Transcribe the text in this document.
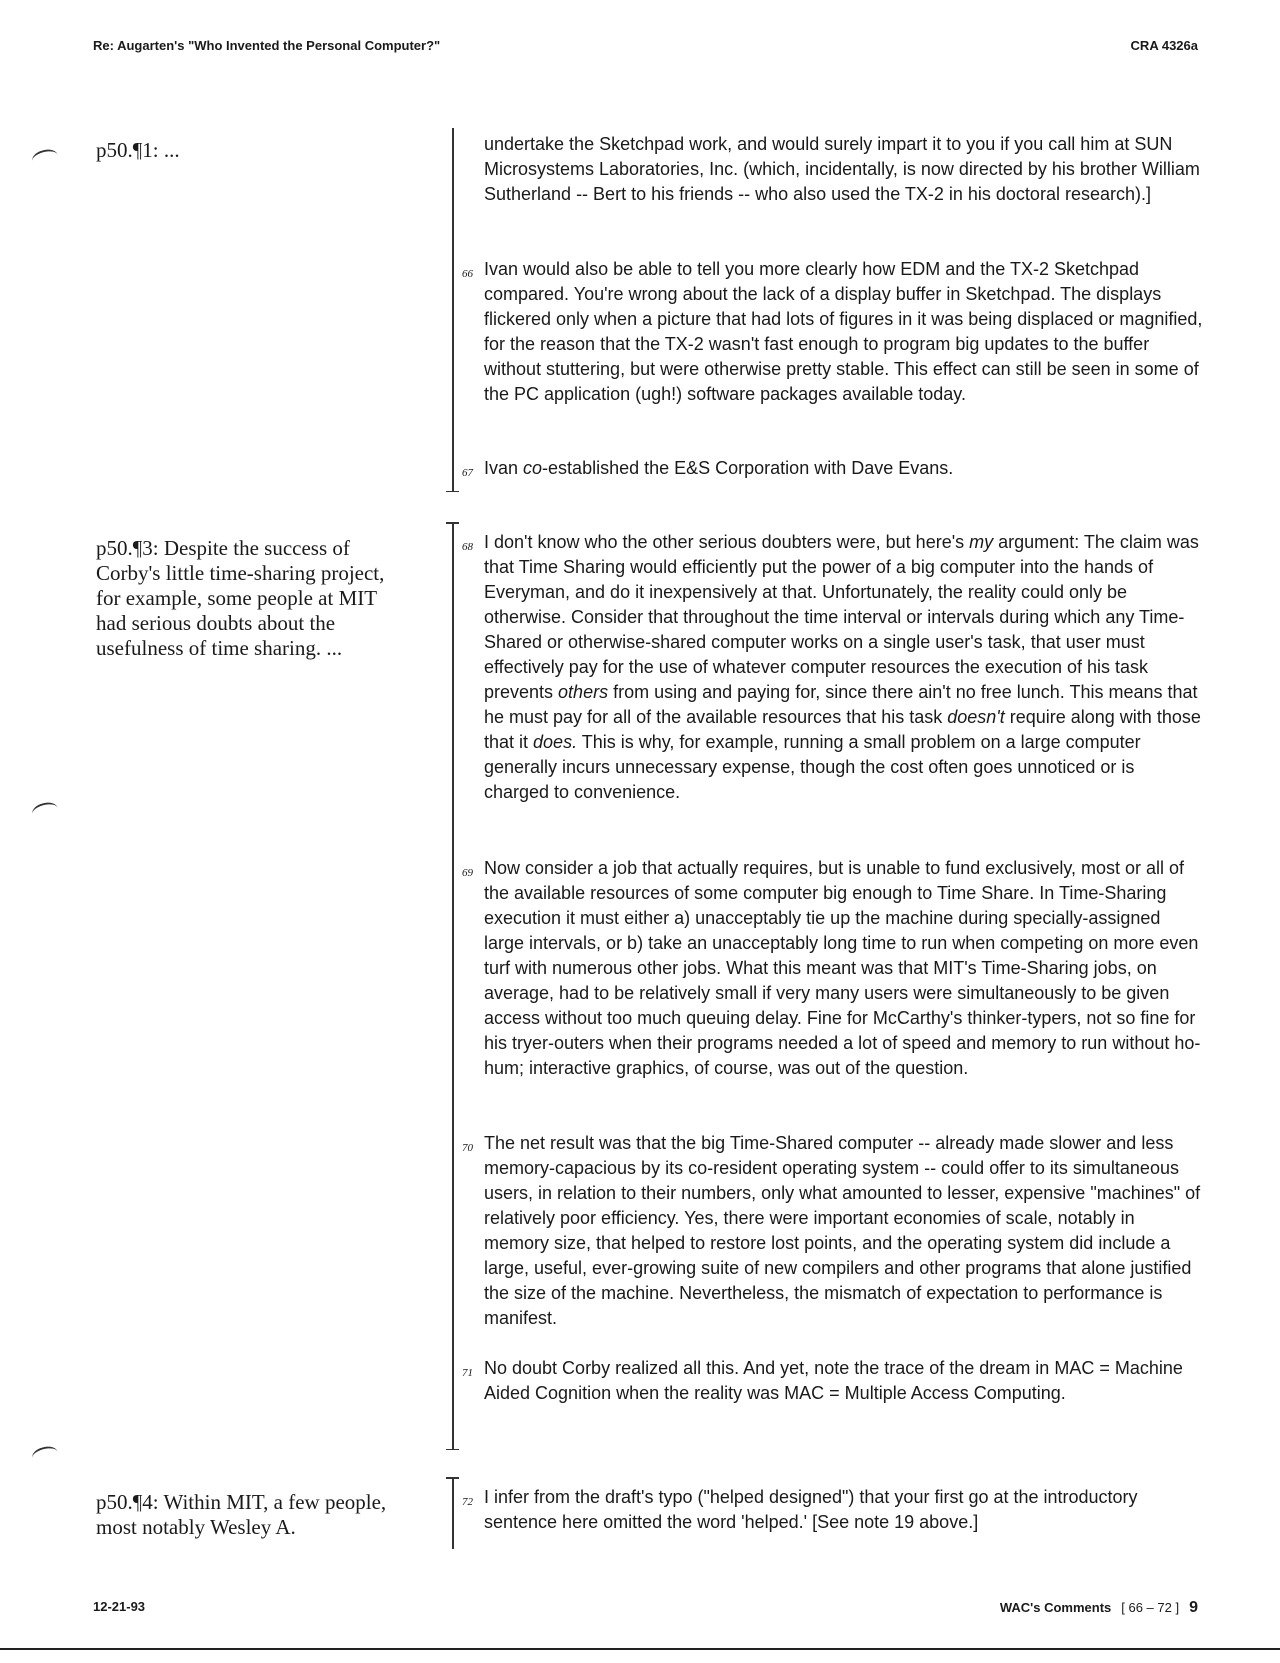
Re: Augarten's "Who Invented the Personal Computer?"	CRA 4326a
p50.¶1: ...
p50.¶3: Despite the success of Corby's little time-sharing project, for example, some people at MIT had serious doubts about the usefulness of time sharing. ...
p50.¶4: Within MIT, a few people, most notably Wesley A.

undertake the Sketchpad work, and would surely impart it to you if you call him at SUN Microsystems Laboratories, Inc. (which, incidentally, is now directed by his brother William Sutherland -- Bert to his friends -- who also used the TX-2 in his doctoral research).]

66 Ivan would also be able to tell you more clearly how EDM and the TX-2 Sketchpad compared. You're wrong about the lack of a display buffer in Sketchpad. The displays flickered only when a picture that had lots of figures in it was being displaced or magnified, for the reason that the TX-2 wasn't fast enough to program big updates to the buffer without stuttering, but were otherwise pretty stable. This effect can still be seen in some of the PC application (ugh!) software packages available today.

67 Ivan co-established the E&S Corporation with Dave Evans.

68 I don't know who the other serious doubters were, but here's my argument: The claim was that Time Sharing would efficiently put the power of a big computer into the hands of Everyman, and do it inexpensively at that. Unfortunately, the reality could only be otherwise. Consider that throughout the time interval or intervals during which any Time-Shared or otherwise-shared computer works on a single user's task, that user must effectively pay for the use of whatever computer resources the execution of his task prevents others from using and paying for, since there ain't no free lunch. This means that he must pay for all of the available resources that his task doesn't require along with those that it does. This is why, for example, running a small problem on a large computer generally incurs unnecessary expense, though the cost often goes unnoticed or is charged to convenience.

69 Now consider a job that actually requires, but is unable to fund exclusively, most or all of the available resources of some computer big enough to Time Share. In Time-Sharing execution it must either a) unacceptably tie up the machine during specially-assigned large intervals, or b) take an unacceptably long time to run when competing on more even turf with numerous other jobs. What this meant was that MIT's Time-Sharing jobs, on average, had to be relatively small if very many users were simultaneously to be given access without too much queuing delay. Fine for McCarthy's thinker-typers, not so fine for his tryer-outers when their programs needed a lot of speed and memory to run without ho-hum; interactive graphics, of course, was out of the question.

70 The net result was that the big Time-Shared computer -- already made slower and less memory-capacious by its co-resident operating system -- could offer to its simultaneous users, in relation to their numbers, only what amounted to lesser, expensive "machines" of relatively poor efficiency. Yes, there were important economies of scale, notably in memory size, that helped to restore lost points, and the operating system did include a large, useful, ever-growing suite of new compilers and other programs that alone justified the size of the machine. Nevertheless, the mismatch of expectation to performance is manifest.

71 No doubt Corby realized all this. And yet, note the trace of the dream in MAC = Machine Aided Cognition when the reality was MAC = Multiple Access Computing.

72 I infer from the draft's typo ("helped designed") that your first go at the introductory sentence here omitted the word 'helped.' [See note 19 above.]

12-21-93	WAC's Comments [ 66 – 72 ] 9
